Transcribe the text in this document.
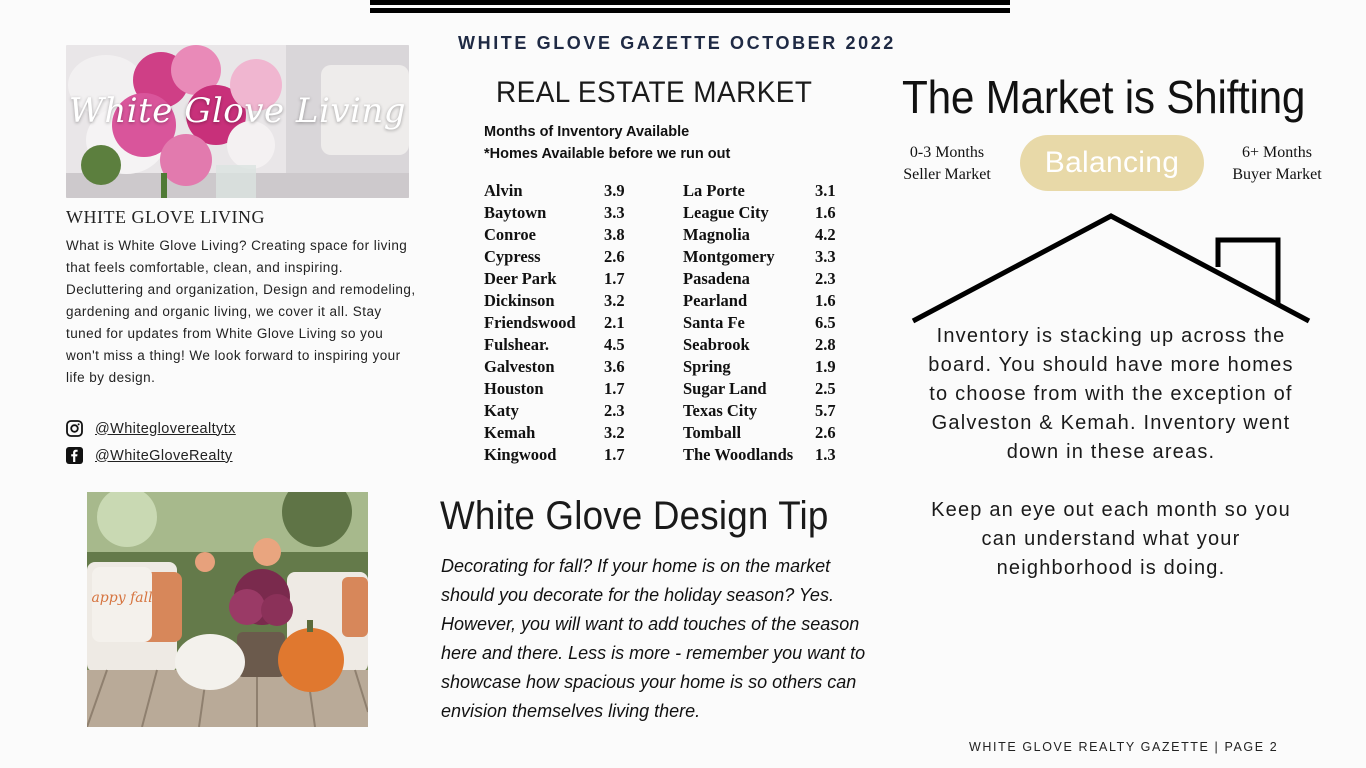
WHITE GLOVE GAZETTE OCTOBER 2022
White Glove Living
WHITE GLOVE LIVING
What is White Glove Living? Creating space for living that feels comfortable, clean, and inspiring. Decluttering and organization, Design and remodeling, gardening and organic living, we cover it all. Stay tuned for updates from White Glove Living so you won't miss a thing! We look forward to inspiring your life by design.
@Whitegloverealtytx
@WhiteGloveRealty
appy fall
REAL ESTATE MARKET
Months of Inventory Available
*Homes Available before we run out
Alvin	3.9
Baytown	3.3
Conroe	3.8
Cypress	2.6
Deer Park	1.7
Dickinson	3.2
Friendswood 2.1
Fulshear.	4.5
Galveston	3.6
Houston	1.7
Katy	2.3
Kemah	3.2
Kingwood	1.7
La Porte	3.1
League City	1.6
Magnolia	4.2
Montgomery 3.3
Pasadena	2.3
Pearland	1.6
Santa Fe	6.5
Seabrook	2.8
Spring	1.9
Sugar Land	2.5
Texas City	5.7
Tomball	2.6
The Woodlands 1.3
White Glove Design Tip
Decorating for fall? If your home is on the market should you decorate for the holiday season? Yes. However, you will want to add touches of the season here and there. Less is more - remember you want to showcase how spacious your home is so others can envision themselves living there.
The Market is Shifting
0-3 Months
Seller Market	Balancing	6+ Months
Buyer Market

Inventory is stacking up across the board. You should have more homes to choose from with the exception of Galveston & Kemah. Inventory went down in these areas.

Keep an eye out each month so you can understand what your neighborhood is doing.

WHITE GLOVE REALTY GAZETTE | PAGE 2
